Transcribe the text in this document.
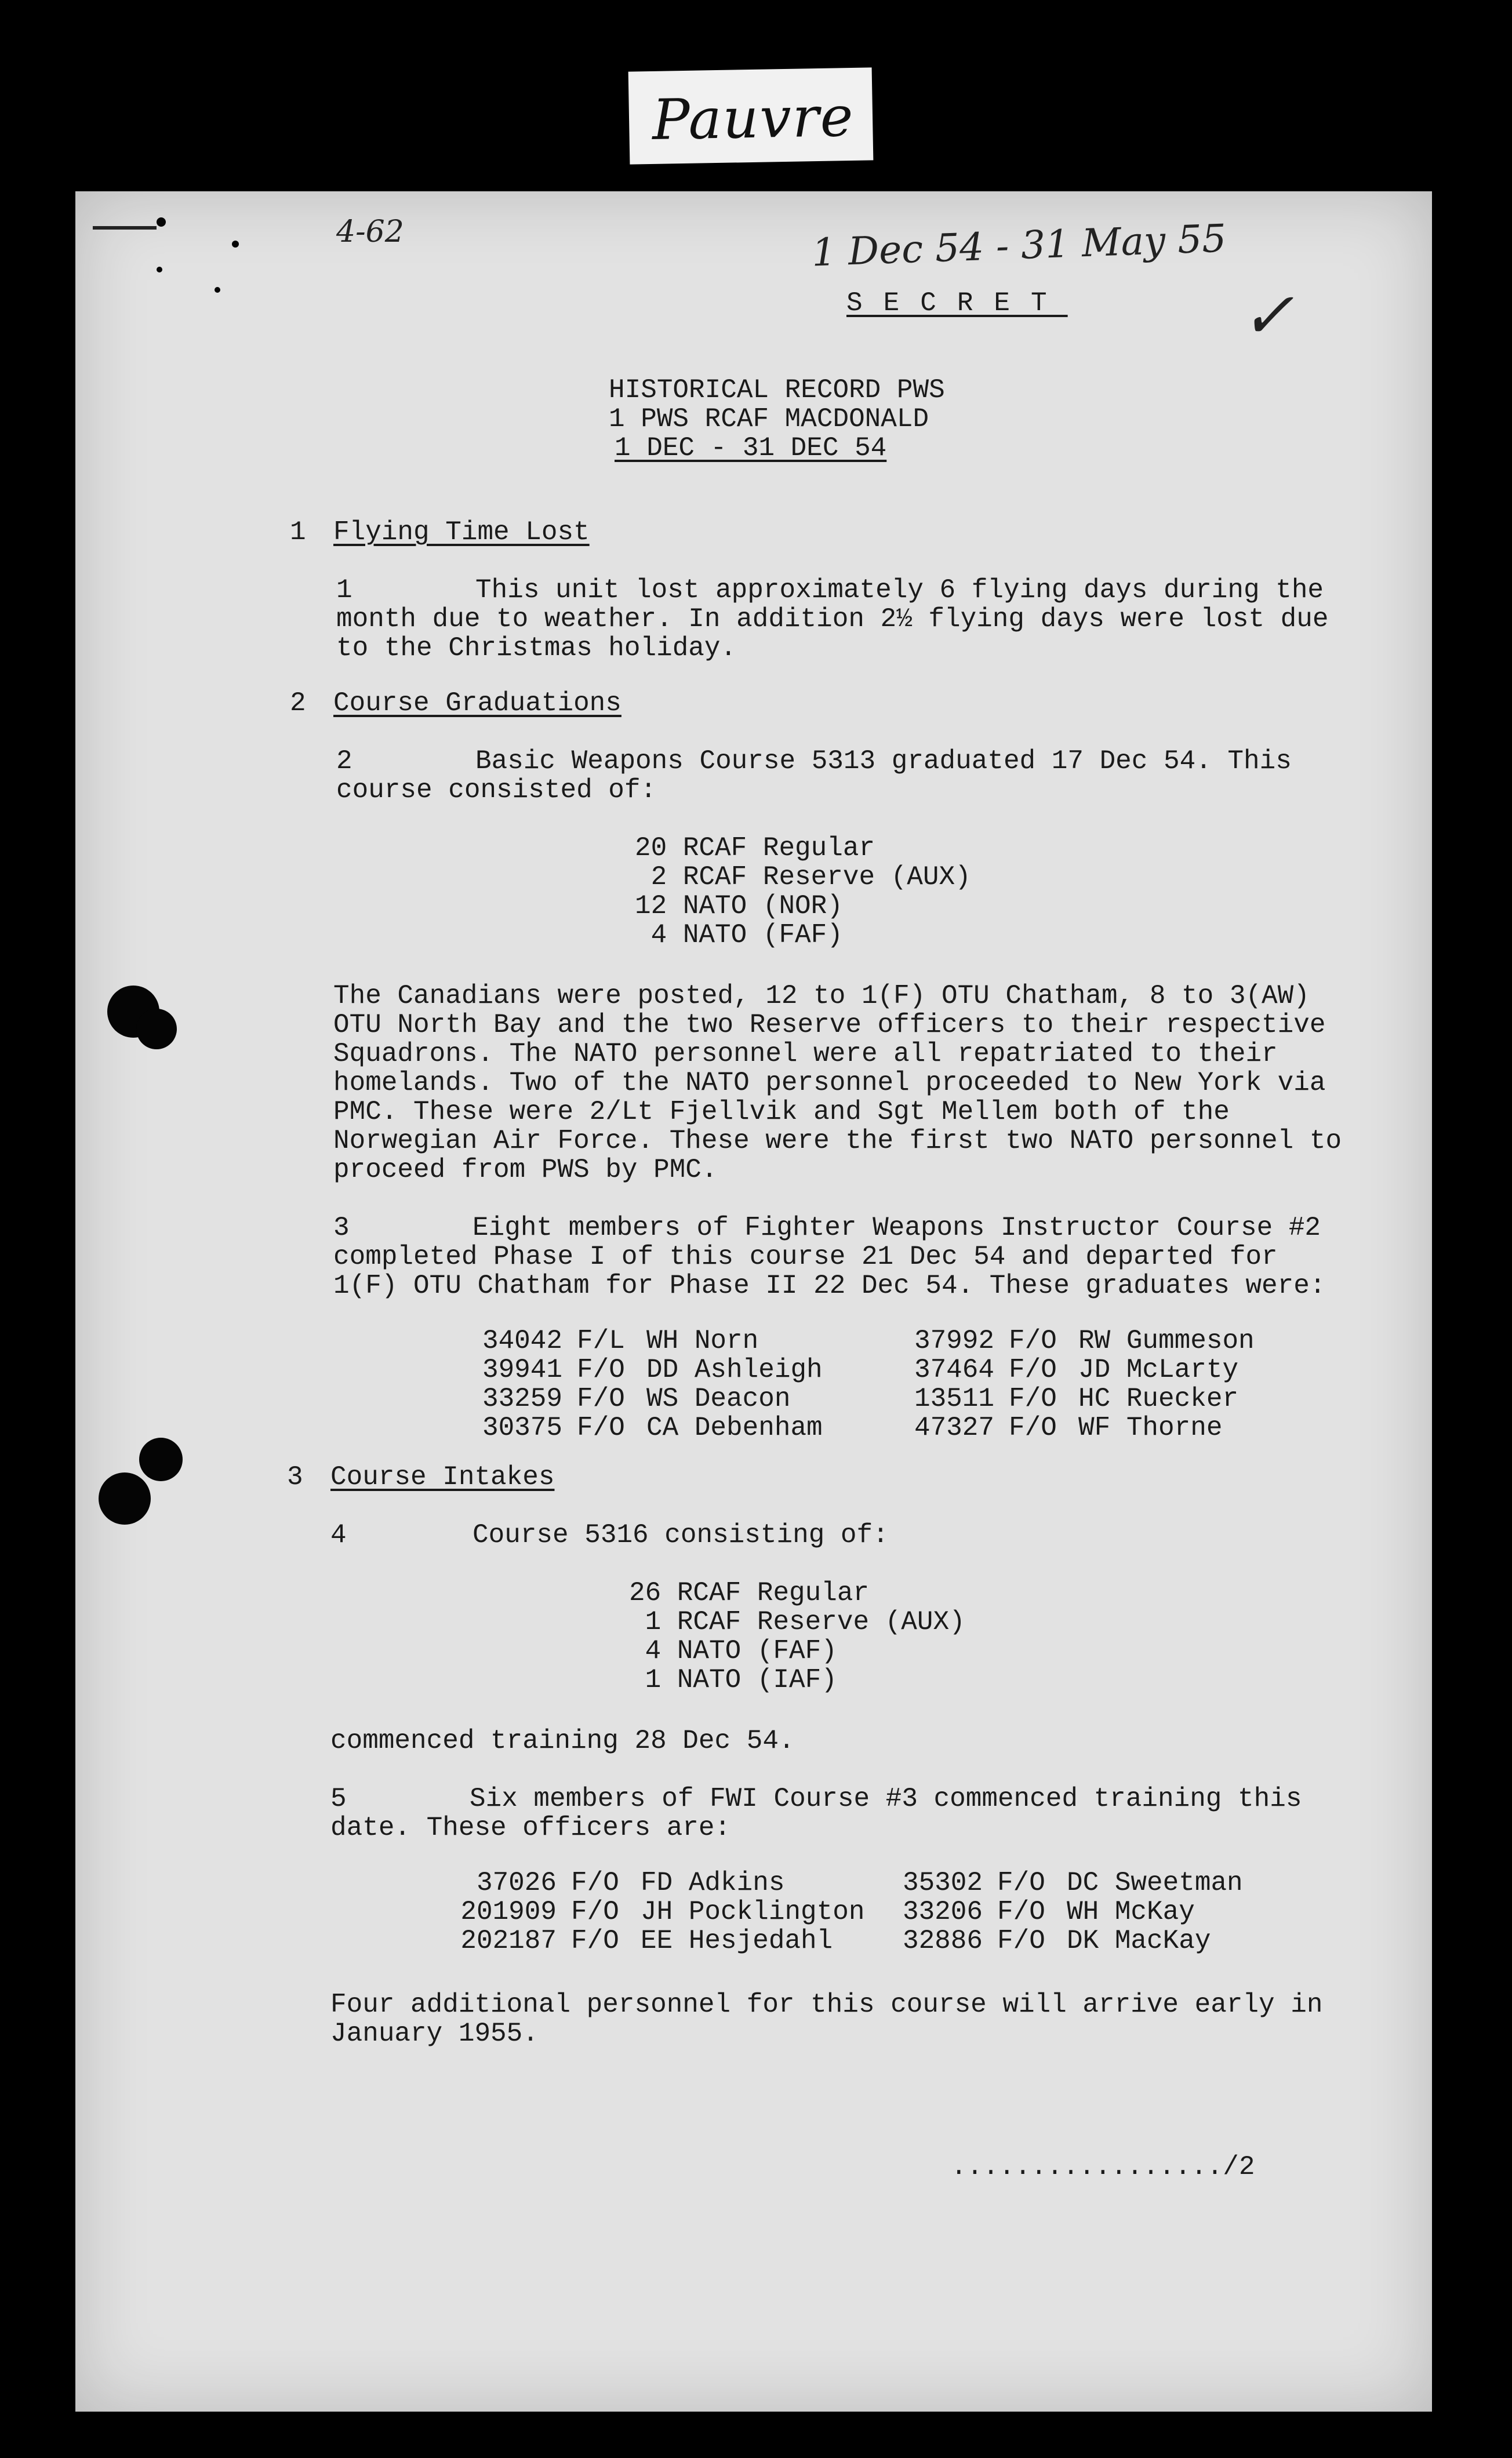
Pauvre
4-62	1 Dec 54 - 31 May 55
✓
SECRET
HISTORICAL RECORD PWS
1 PWS RCAF MACDONALD
1 DEC - 31 DEC 54
1 Flying Time Lost
1	This unit lost approximately 6 flying days during the
month due to weather. In addition 2½ flying days were lost due
to the Christmas holiday.
2 Course Graduations
2	Basic Weapons Course 5313 graduated 17 Dec 54. This
course consisted of:
20 RCAF Regular
2 RCAF Reserve (AUX)
12 NATO (NOR)
4 NATO (FAF)
The Canadians were posted, 12 to 1(F) OTU Chatham, 8 to 3(AW)
OTU North Bay and the two Reserve officers to their respective
Squadrons. The NATO personnel were all repatriated to their
homelands. Two of the NATO personnel proceeded to New York via
PMC. These were 2/Lt Fjellvik and Sgt Mellem both of the
Norwegian Air Force. These were the first two NATO personnel to
proceed from PWS by PMC.
3	Eight members of Fighter Weapons Instructor Course #2
completed Phase I of this course 21 Dec 54 and departed for
1(F) OTU Chatham for Phase II 22 Dec 54. These graduates were:
34042 F/L WH Norn	37992 F/O RW Gummeson
39941 F/O DD Ashleigh	37464 F/O JD McLarty
33259 F/O WS Deacon	13511 F/O HC Ruecker
30375 F/O CA Debenham	47327 F/O WF Thorne
3 Course Intakes
4	Course 5316 consisting of:
26 RCAF Regular
1 RCAF Reserve (AUX)
4 NATO (FAF)
1 NATO (IAF)
commenced training 28 Dec 54.
5	Six members of FWI Course #3 commenced training this
date. These officers are:
37026 F/O FD Adkins	35302 F/O DC Sweetman
201909 F/O JH Pocklington 33206 F/O WH McKay
202187 F/O EE Hesjedahl	32886 F/O DK MacKay
Four additional personnel for this course will arrive early in
January 1955.
................./2
